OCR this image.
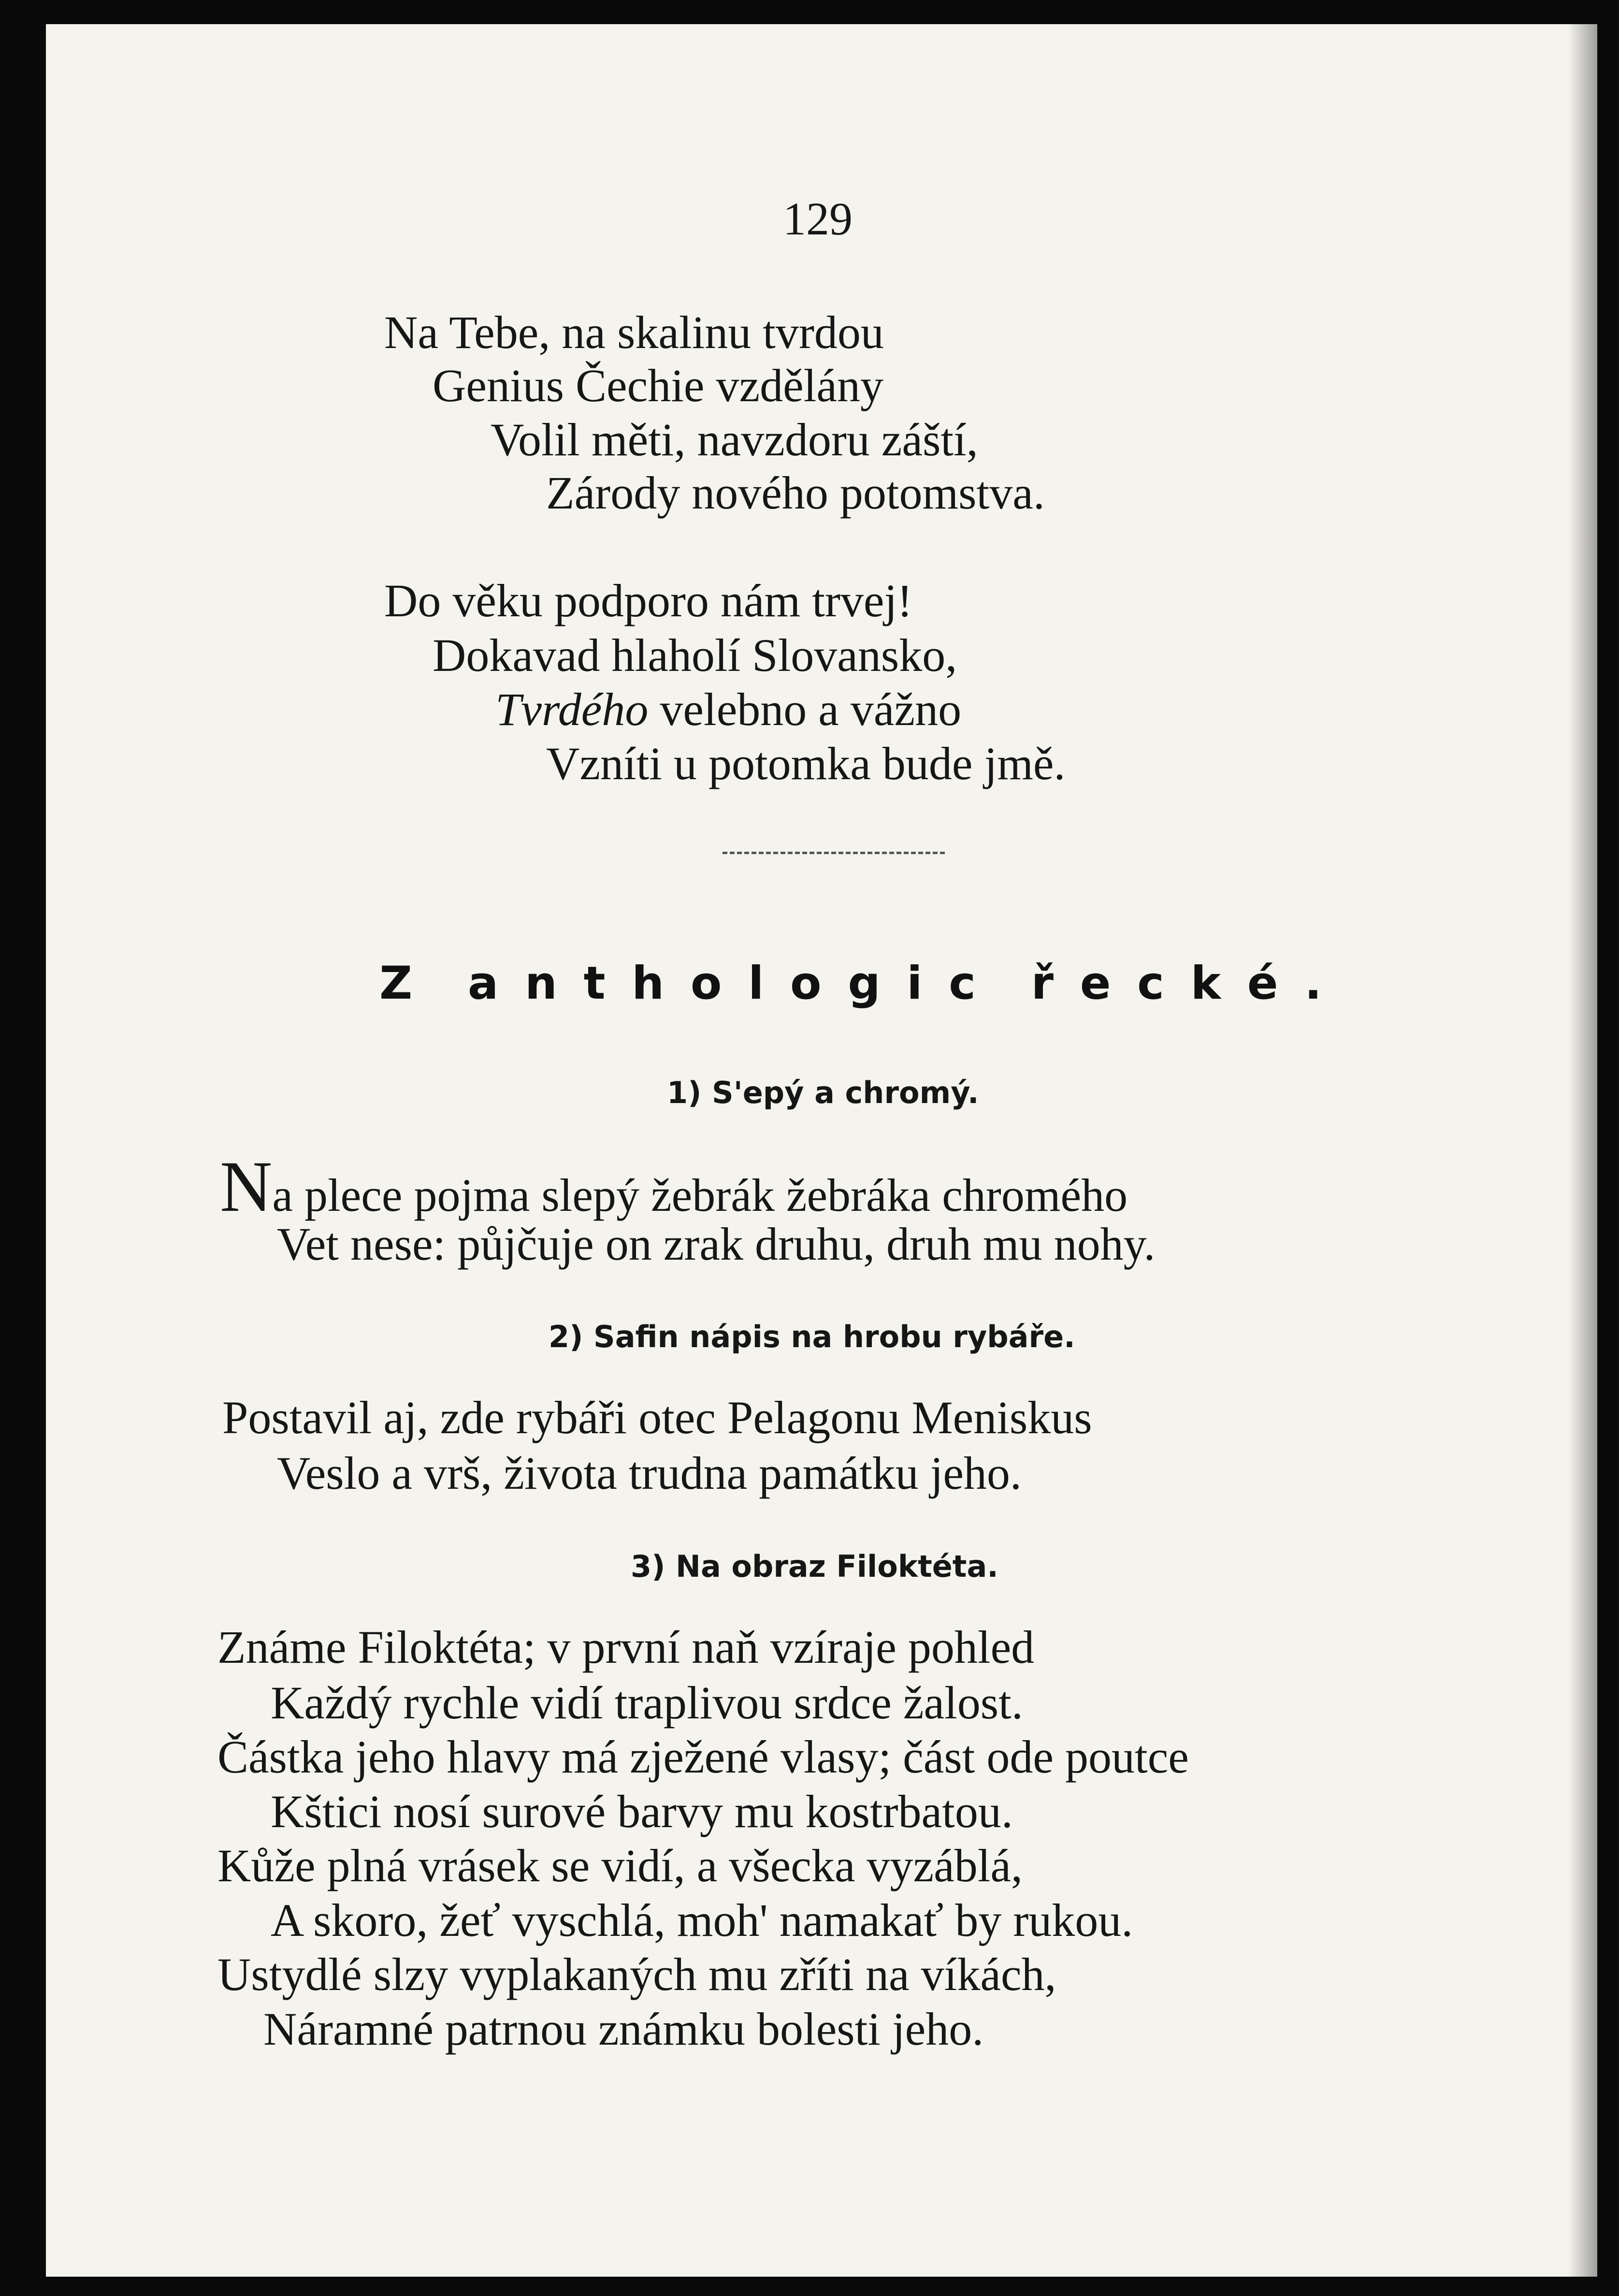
129
Na Tebe, na skalinu tvrdou
Genius Čechie vzdělány
Volil měti, navzdoru záští,
Zárody nového potomstva.
Do věku podporo nám trvej!
Dokavad hlaholí Slovansko,
Tvrdého velebno a vážno
Vzníti u potomka bude jmě.
Z a n t h o l o g i c ř e c k é .
1) S'epý a chromý.
Na plece pojma slepý žebrák žebráka chromého
Vet nese: půjčuje on zrak druhu, druh mu nohy.
2) Safin nápis na hrobu rybáře.
Postavil aj, zde rybáři otec Pelagonu Meniskus
Veslo a vrš, života trudna památku jeho.
3) Na obraz Filoktéta.
Známe Filoktéta; v první naň vzíraje pohled
Každý rychle vidí traplivou srdce žalost.
Částka jeho hlavy má zježené vlasy; část ode poutce
Kštici nosí surové barvy mu kostrbatou.
Kůže plná vrásek se vidí, a všecka vyzáblá,
A skoro, žeť vyschlá, moh' namakať by rukou.
Ustydlé slzy vyplakaných mu zříti na víkách,
Náramné patrnou známku bolesti jeho.
